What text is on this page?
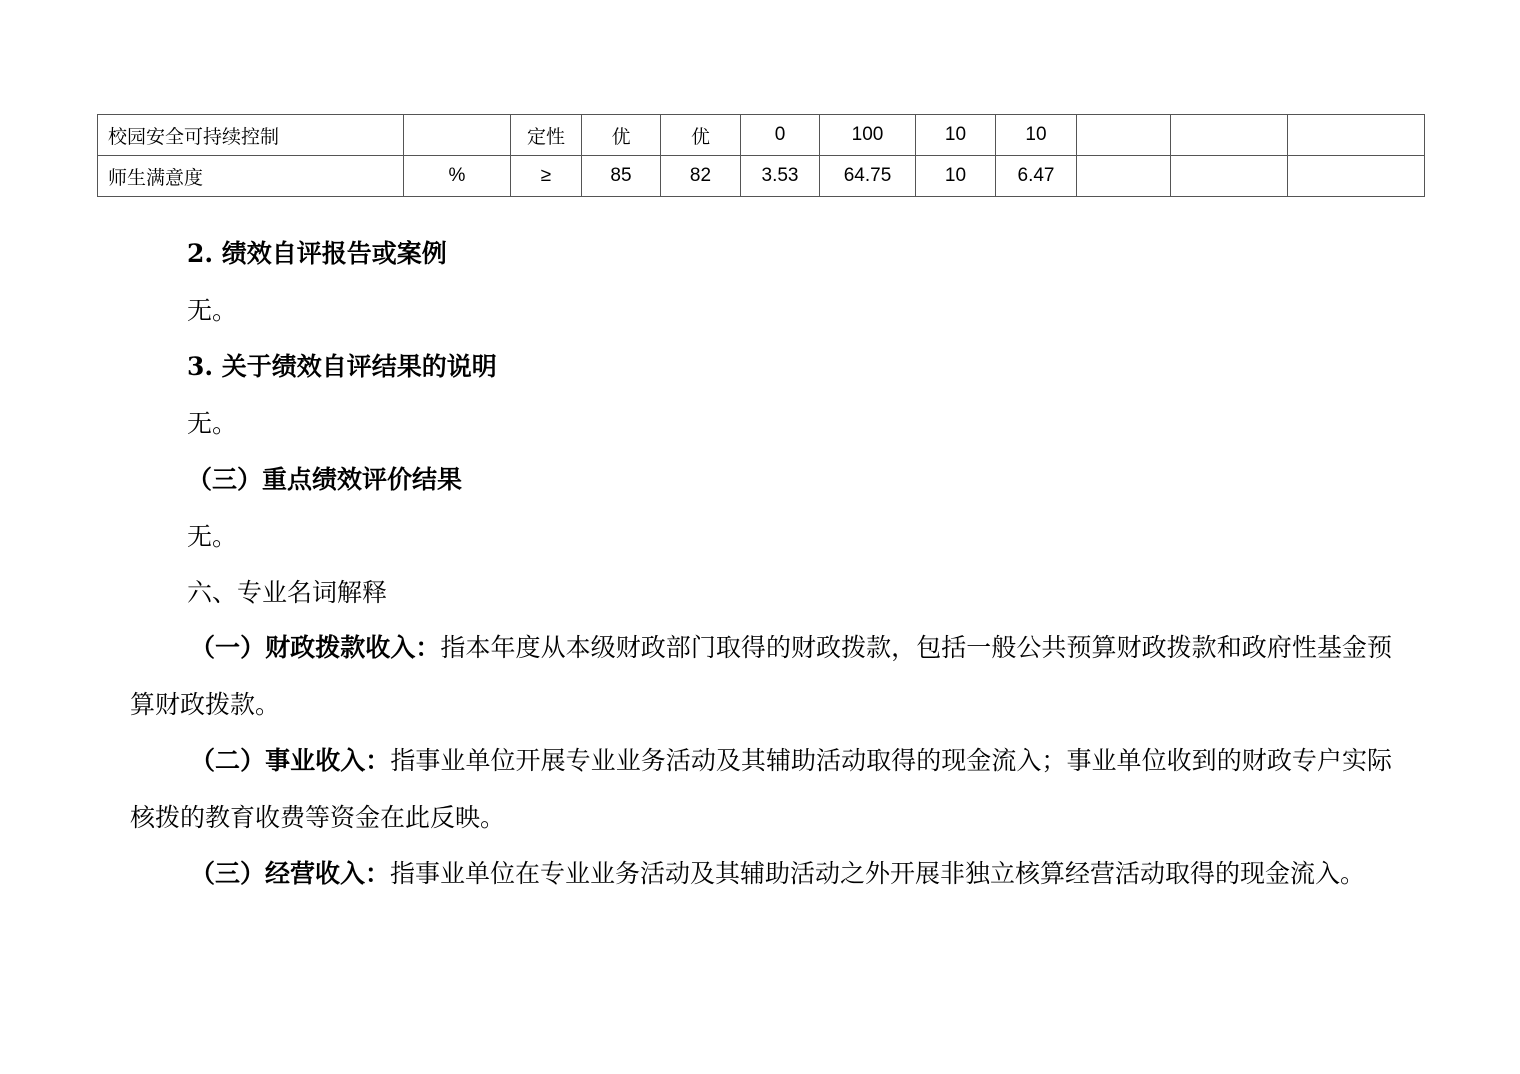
校园安全可持续控制		定性	优	优	0	100	10	10			
师生满意度	%	≥	85	82	3.53	64.75	10	6.47			
2. 绩效自评报告或案例
无。
3. 关于绩效自评结果的说明
无。
（三）重点绩效评价结果
无。
六、专业名词解释
（一）财政拨款收入：指本年度从本级财政部门取得的财政拨款，包括一般公共预算财政拨款和政府性基金预算财政拨款。
（二）事业收入：指事业单位开展专业业务活动及其辅助活动取得的现金流入；事业单位收到的财政专户实际核拨的教育收费等资金在此反映。
（三）经营收入：指事业单位在专业业务活动及其辅助活动之外开展非独立核算经营活动取得的现金流入。
